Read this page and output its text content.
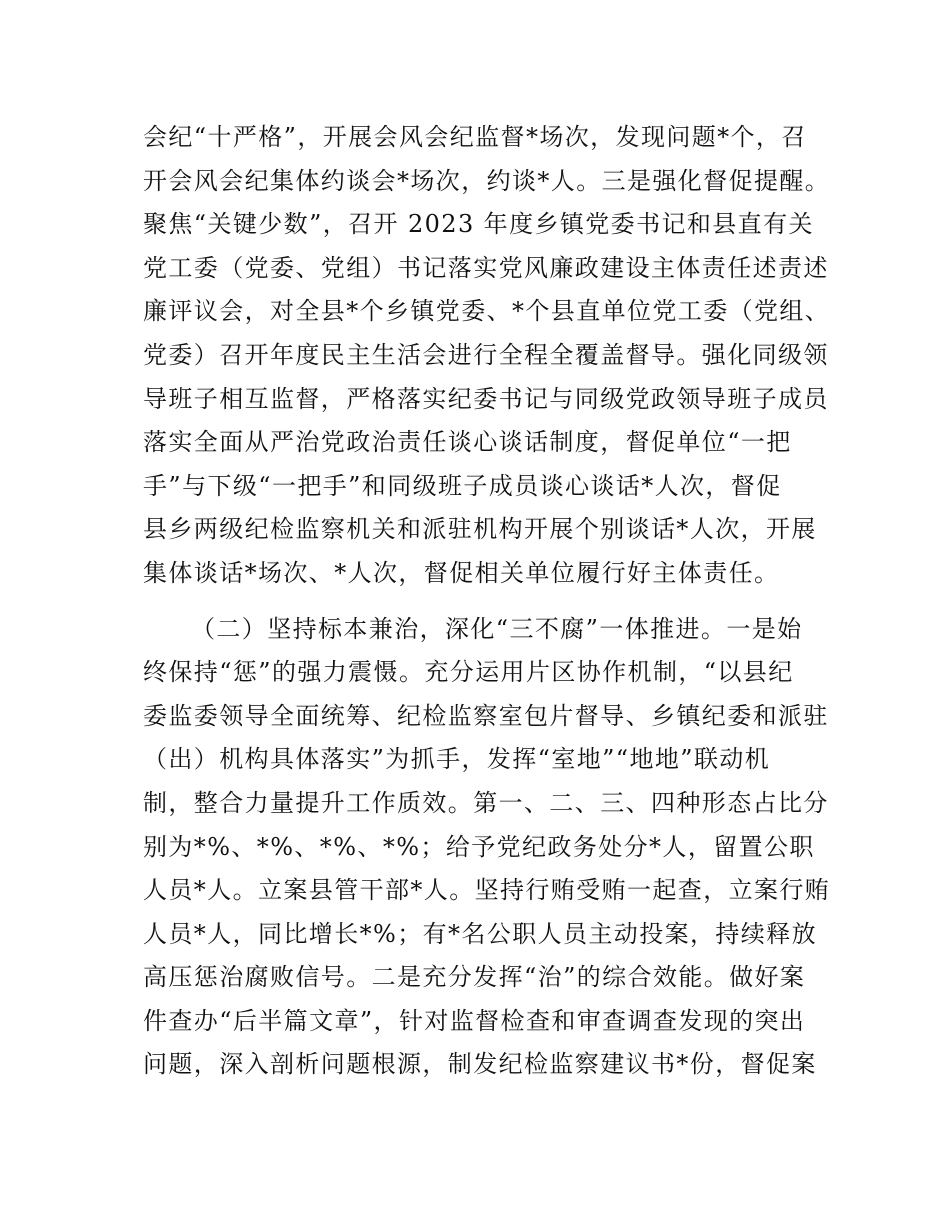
会纪“十严格”，开展会风会纪监督*场次，发现问题*个，召
开会风会纪集体约谈会*场次，约谈*人。三是强化督促提醒。
聚焦“关键少数”，召开 2023 年度乡镇党委书记和县直有关
党工委（党委、党组）书记落实党风廉政建设主体责任述责述
廉评议会，对全县*个乡镇党委、*个县直单位党工委（党组、
党委）召开年度民主生活会进行全程全覆盖督导。强化同级领
导班子相互监督，严格落实纪委书记与同级党政领导班子成员
落实全面从严治党政治责任谈心谈话制度，督促单位“一把
手”与下级“一把手”和同级班子成员谈心谈话*人次，督促
县乡两级纪检监察机关和派驻机构开展个别谈话*人次，开展
集体谈话*场次、*人次，督促相关单位履行好主体责任。
（二）坚持标本兼治，深化“三不腐”一体推进。一是始
终保持“惩”的强力震慑。充分运用片区协作机制，“以县纪
委监委领导全面统筹、纪检监察室包片督导、乡镇纪委和派驻
（出）机构具体落实”为抓手，发挥“室地”“地地”联动机
制，整合力量提升工作质效。第一、二、三、四种形态占比分
别为*%、*%、*%、*%；给予党纪政务处分*人，留置公职
人员*人。立案县管干部*人。坚持行贿受贿一起查，立案行贿
人员*人，同比增长*%；有*名公职人员主动投案，持续释放
高压惩治腐败信号。二是充分发挥“治”的综合效能。做好案
件查办“后半篇文章”，针对监督检查和审查调查发现的突出
问题，深入剖析问题根源，制发纪检监察建议书*份，督促案
